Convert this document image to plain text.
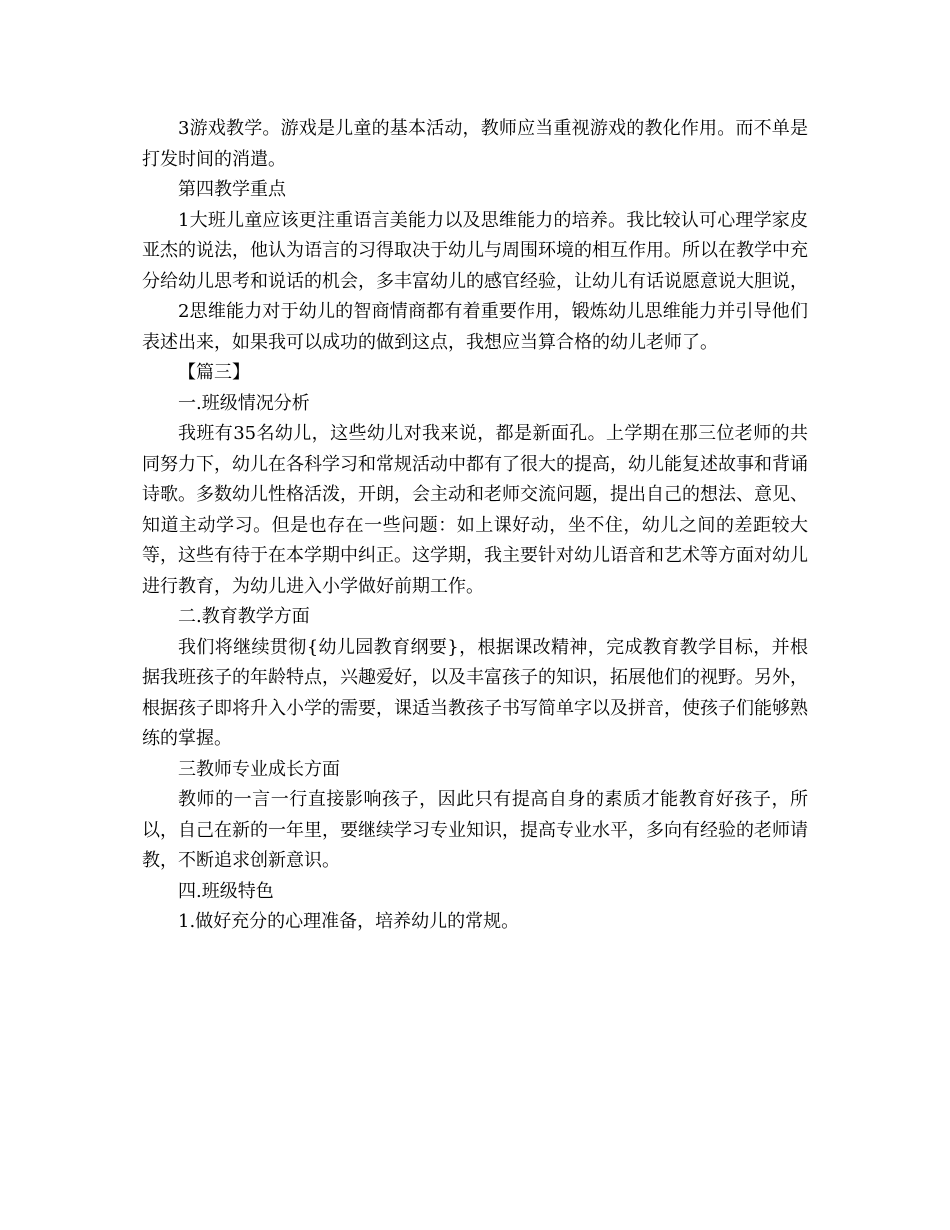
3游戏教学。游戏是儿童的基本活动，教师应当重视游戏的教化作用。而不单是打发时间的消遣。

第四教学重点

1大班儿童应该更注重语言美能力以及思维能力的培养。我比较认可心理学家皮亚杰的说法，他认为语言的习得取决于幼儿与周围环境的相互作用。所以在教学中充分给幼儿思考和说话的机会，多丰富幼儿的感官经验，让幼儿有话说愿意说大胆说，

2思维能力对于幼儿的智商情商都有着重要作用，锻炼幼儿思维能力并引导他们表述出来，如果我可以成功的做到这点，我想应当算合格的幼儿老师了。

【篇三】

一.班级情况分析

我班有35名幼儿，这些幼儿对我来说，都是新面孔。上学期在那三位老师的共同努力下，幼儿在各科学习和常规活动中都有了很大的提高，幼儿能复述故事和背诵诗歌。多数幼儿性格活泼，开朗，会主动和老师交流问题，提出自己的想法、意见、知道主动学习。但是也存在一些问题：如上课好动，坐不住，幼儿之间的差距较大等，这些有待于在本学期中纠正。这学期，我主要针对幼儿语音和艺术等方面对幼儿进行教育，为幼儿进入小学做好前期工作。

二.教育教学方面

我们将继续贯彻{幼儿园教育纲要}，根据课改精神，完成教育教学目标，并根据我班孩子的年龄特点，兴趣爱好，以及丰富孩子的知识，拓展他们的视野。另外，根据孩子即将升入小学的需要，课适当教孩子书写简单字以及拼音，使孩子们能够熟练的掌握。

三教师专业成长方面

教师的一言一行直接影响孩子，因此只有提高自身的素质才能教育好孩子，所以，自己在新的一年里，要继续学习专业知识，提高专业水平，多向有经验的老师请教，不断追求创新意识。

四.班级特色

1.做好充分的心理准备，培养幼儿的常规。
